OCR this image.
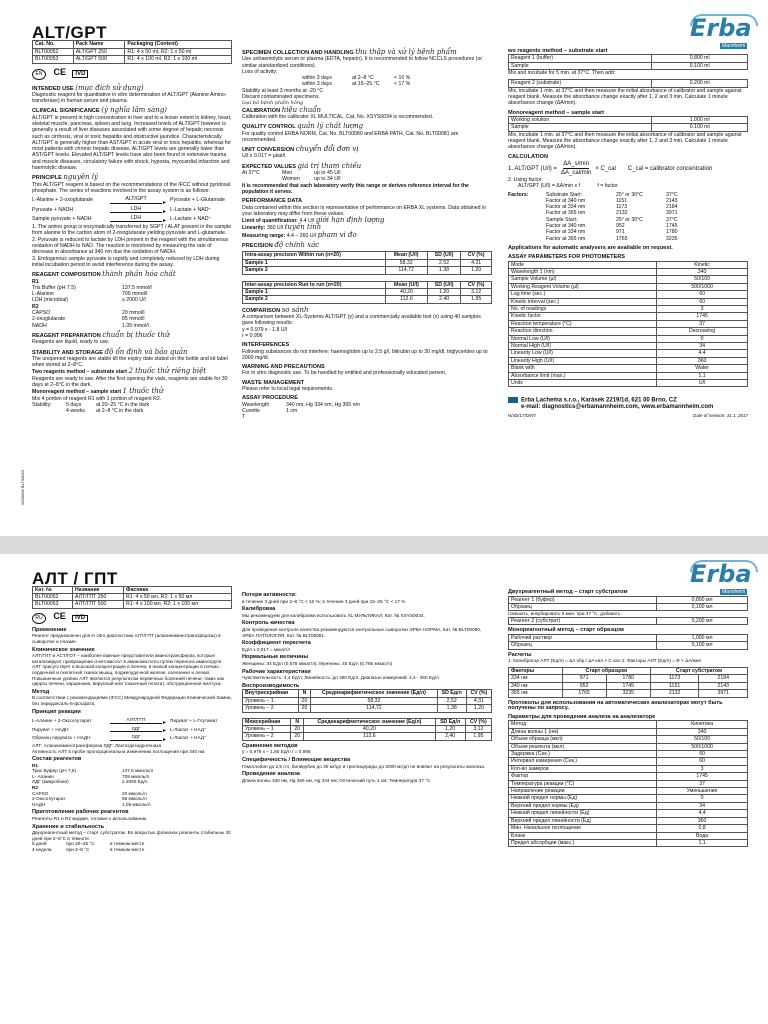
Erba
Mannheim
ALT/GPT
Cat. No.	Pack Name	Packaging (Content)
BLT00052	ALT/GPT 250	R1: 4 x 50 ml, R2: 1 x 50 ml
BLT00053	ALT/GPT 500	R1: 4 x 100 ml, R2: 1 x 100 ml
EN CE IVD
INTENDED USE (mục đích sử dụng)
Diagnostic reagent for quantitative in vitro determination of ALT/GPT (Alanine Amino-transferase) in human serum and plasma.
CLINICAL SIGNIFICANCE (ý nghĩa lâm sàng)
ALT/GPT is present in high concentration in liver and to a lesser extent in kidney, heart, skeletal muscle, pancreas, spleen and lung. Increased levels of ALT/GPT however is generally a result of liver diseases associated with some degree of hepatic necrosis such as cirrhosis, viral or toxic hepatitis and obstructive jaundice. Characteristically ALT/GPT is generally higher than AST/GPT in acute viral or toxic hepatitis, whereas for most patients with chronic hepatic disease, ALT/GPT levels are generally lower than AST/GPT levels. Elevated ALT/GPT levels have also been found in extensive trauma and muscle diseases, circulatory failure with shock, hypoxia, myocardial infarction and haemolytic disease.
PRINCIPLE nguyên lý
This ALT/GPT reagent is based on the recommendations of the IFCC without pyridoxal phosphate. The series of reactions involved in the assay system is as follows:
L-Alanine + 2-oxoglutarate	ALT/GPT
▸ Pyruvate + L-Glutamate
Pyruvate + NADH	LDH
▸ L-Lactate + NAD⁺
Sample pyruvate + NADH	LDH
▸ L-Lactate + NAD⁺
1. The amino group is enzymatically transferred by SGPT / ALAT present in the sample from alanine to the carbon atom of 2-oxoglutarate yielding pyruvate and L-glutamate.
2. Pyruvate is reduced to lactate by LDH present in the reagent with the simultaneous oxidation of NADH to NAD. The reaction is monitored by measuring the rate of decrease in absorbance at 340 nm due the oxidation of NADH.
3. Endogenous sample pyruvate is rapidly and completely reduced by LDH during initial incubation period to avoid interference during the assay.
REAGENT COMPOSITION thành phần hóa chất
R1
Tris Buffer (pH 7.5)	137.5 mmol/l
L-Alanine	709 mmol/l
LDH (microbial)	≥ 2000 U/l
R2
CAPSO	20 mmol/l
2-oxoglutarate	85 mmol/l
NADH	1.05 mmol/l
REAGENT PREPARATION chuẩn bị thuốc thử
Reagents are liquid, ready to use.
STABILITY AND STORAGE độ ổn định và bảo quản
The unopened reagents are stable till the expiry date stated on the bottle and kit label when stored at 2–8°C.
Two reagents method – substrate start 2 thuốc thử riêng biệt
Reagents are ready to use. After the first opening the vials, reagents are stable for 30 days at 2–8°C in the dark.
Monoreagent method – sample start 1 thuốc thử
Mix 4 portion of reagent R1 with 1 portion of reagent R2.
Stability:	5 days	at 20–25 °C in the dark
4 weeks	at 2–8 °C in the dark
0000000 BLT00053
SPECIMEN COLLECTION AND HANDLING thu thập và xử lý bệnh phẩm
Use unhaemolytic serum or plasma (EDTA, heparin). It is recommended to follow NCCLS procedures (or similar standardized conditions).
Loss of activity:
within 3 days	at 2–8 °C	< 10 %
within 3 days	at 15–25 °C	< 17 %
Stability at least 3 months at -20 °C
Discard contaminated specimens.
loại bỏ bệnh phẩm hỏng
CALIBRATION hiệu chuẩn
Calibration with the calibrator XL MULTICAL, Cat. No. XSYS0034 is recommended.
QUALITY CONTROL quản lý chất lượng
For quality control ERBA NORM, Cat. No. BLT00080 and ERBA PATH, Cat. No. BLT00081 are recommended.
UNIT CONVERSION chuyển đổi đơn vị
U/l x 0.017 = µkat/l
EXPECTED VALUES giá trị tham chiếu
At 37°C	Men	up to 45 U/l
Women	up to 34 U/l
It is recommended that each laboratory verify this range or derives reference interval for the population it serves.
PERFORMANCE DATA
Data contained within this section is representative of performance on ERBA XL systems. Data obtained in your laboratory may differ from these values.
Limit of quantification: 4.4 U/l giới hạn định lượng
Linearity: 360 U/l tuyến tính
Measuring range: 4.4 – 360 U/l phạm vi đo
PRECISION độ chính xác
Intra-assay precision Within run (n=20)	Mean (U/l)	SD (U/l)	CV (%)
Sample 1	58.32	2.52	4.31
Sample 2	114.72	1.38	1.20
Inter-assay precision Run to run (n=20)	Mean (U/l)	SD (U/l)	CV (%)
Sample 1	40.20	1.20	3.12
Sample 2	112.6	2.40	1.95
COMPARISON so sánh
A comparison between XL-Systems ALT/GPT (y) and a commercially available test (x) using 40 samples gave following results:
y = 0.979 x - 1.8 U/l
r = 0.996
INTERFERENCES
Following substances do not interfere: haemoglobin up to 2.5 g/l, bilirubin up to 30 mg/dl, triglycerides up to 2000 mg/dl.
WARNING AND PRECAUTIONS
For in vitro diagnostic use. To be handled by entitled and professionally educated person.
WASTE MANAGEMENT
Please refer to local legal requirements.
ASSAY PROCEDURE
Wavelength	340 nm, Hg 334 nm, Hg 365 nm
Cuvette	1 cm
T
wo reagents method – substrate start
Reagent 1 (buffer)	0.800 ml
Sample	0.100 ml
Mix and incubate for 5 min. at 37°C. Then add:
Reagent 2 (substrate)	0.200 ml
Mix, incubate 1 min. at 37°C and then measure the initial absorbance of calibrator and sample against reagent blank. Measure the absorbance change exactly after 1, 2 and 3 min. Calculate 1 minute absorbance change (ΔA/min).
Monoreagent method – sample start
Working solution	1.000 ml
Sample	0.100 ml
Mix, incubate 1 min. at 37°C and then measure the initial absorbance of calibrator and sample against reagent blank. Measure the absorbance change exactly after 1, 2 and 3 min. Calculate 1 minute absorbance change (ΔA/min).
CALCULATION
1. ALT/GPT (U/l) =
ΔA_s/min
ΔA_cal/min
× C_cal C_cal = calibrator concentration
2. Using factor:
ALT/GPT (U/l) = ΔA/min x f	f = factor
Factors:	Substrate Start:	25° or 30°C	37°C
Factor at 340 nm	1151	2143
Factor at 334 nm	1173	2184
Factor at 365 nm	2132	3971
Sample Start:	25° or 30°C	37°C
Factor at 340 nm	952	1745
Factor at 334 nm	971	1780
Factor at 365 nm	1765	3235
Applications for automatic analysers are available on request.
ASSAY PARAMETERS FOR PHOTOMETERS
Mode	Kinetic
Wavelength 1 (nm)	340
Sample Volume (µl)	50/100
Working Reagent Volume (µl)	500/1000
Lag time (sec.)	60
Kinetic interval (sec.)	60
No. of readings	3
Kinetic factor	1745
Reaction temperature (°C)	37
Reaction direction	Decreasing
Normal Low (U/l)	0
Normal High (U/l)	34
Linearity Low (U/l)	4.4
Linearity High (U/l)	360
Blank with	Water
Absorbance limit (max.)	1.1
Units	U/l
Erba Lachema s.r.o., Karásek 2219/1d, 621 00 Brno, CZ
e-mail: diagnostics@erbamannheim.com, www.erbamannheim.com
N/4D/17/D/NT	Date of revision: 31.1. 2017
Erba
Mannheim
АЛТ / ГПТ
Кат. №	Название	Фасовка
BLT00052	АЛТ/ГПТ 250	R1: 4 x 50 мл, R2: 1 x 50 мл
BLT00053	АЛТ/ГПТ 500	R1: 4 x 100 мл, R2: 1 x 100 мл
RU CE IVD
Применение
Реагент предназначен для in vitro диагностики АЛТ/ГПТ (аланинаминотрансферазы) в сыворотке и плазме.
Клиническое значение
АЛТ/ГПТ и АСТ/ГОТ – наиболее важные представители аминотрансфераз, которые катализируют превращение α-кетокислот в аминокислоты путем переноса аминогрупп. АЛТ присутствует в высокой концентрации в печени, в низкой концентрации в почках, сердечной и скелетной тканях мышц, поджелудочной железе, селезенке и легких. Повышенные уровни АЛТ являются результатом первичных болезней печени, таких как цирроз печени, карцинома, вирусный или токсичный гепатит, обструкционная желтуха.
Метод
В соответствии с рекомендациями (IFCC) Международной Федерации Клинической Химии, без пиридоксаль-5-фосфата.
Принцип реакции
L-Аланин + 2-Оксоглутарат	АЛТ/ГПТ	▸ Пируват + L-Глутамат
Пируват + НАДН	ЛДГ	▸ L-Лактат + НАД⁺
Образец пирувата + НАДН	ЛДГ	▸ L-Лактат + НАД⁺
АЛТ: Аланинаминотрансфераза ЛДГ: Лактатдегидрогеназа
Активность АЛТ в пробе пропорциональна изменению поглощения при 340 нм.
Состав реагентов
R1
Трис Буфер (pH 7,5)	137,5 ммоль/л
L- Аланин	709 ммоль/л
ЛДГ (микробная)	≥ 2000 Ед/л
R2
CAPSO	20 ммоль/л
2-Оксоглутарат	85 ммоль/л
НАДН	1,05 ммоль/л
Приготовление рабочих реагентов
Реагенты R1 и R2 жидкие, готовые к использованию.
Хранение и стабильность
Двухреагентный метод – старт субстратом. Во вскрытых флаконах реагенты стабильны 30 дней при 2–8°С в темноте.
5 дней	при 20–25 °С	в темном месте
4 недели	при 2–8 °С	в темном месте
Потеря активности:
в течение 3 дней при 2–8 °С < 10 %; в течение 3 дней при 15–25 °С < 17 %
Калибровка
Мы рекомендуем для калибровки использовать XL МУЛЬТИКАЛ, Кат. № XSYS0034.
Контроль качества
Для проведения контроля качества рекомендуются контрольные сыворотки ЭРБА НОРМА, Кат. № BLT00080, ЭРБА ПАТОЛОГИЯ, Кат. № BLT00081.
Коэффициент пересчета
Ед/л x 0,017 = мккат/л
Нормальные величины
Женщины: 34 Ед/л (0,578 мккат/л); Мужчины: 45 Ед/л (0,765 мккат/л)
Рабочие характеристики
Чувствительность: 4,4 Ед/л; Линейность: до 360 Ед/л; Диапазон измерений: 4,4 - 360 Ед/л
Воспроизводимость
Внутрисерийная	N	Среднеарифметическое значение (Ед/л)	SD Ед/л	CV (%)
Уровень – 1	20	58,32	2,52	4,31
Уровень – 2	20	114,72	1,38	1,20
Межсерийная	N	Среднеарифметическое значение (Ед/л)	SD Ед/л	CV (%)
Уровень – 1	20	40,20	1,20	3,12
Уровень – 2	20	112,6	2,40	1,95
Сравнение методов
y = 0,979 x – 1,80 Ед/л r = 0,996
Специфичность / Влияющие вещества
Гемоглобин до 2,5 г/л, билирубин до 30 мг/дл и триглицериды до 2000 мг/дл не влияют на результаты анализа.
Проведение анализа
Длина волны 340 нм, Hg 365 нм, Hg 334 нм; Оптический путь 1 см; Температура 37 °С
Двухреагентный метод – старт субстратом
Реагент 1 (буфер)	0,800 мл
Образец	0,100 мл
Смешать, инкубировать 5 мин. при 37 °С, добавить:
Реагент 2 (субстрат)	0,200 мл
Монореагентный метод – старт образцом
Рабочий раствор	1,000 мл
Образец	0,100 мл
Расчеты
1. Калибратор АЛТ (Ед/л) = ΔA обр / ΔA кал × C кал 2. Факторы АЛТ (Ед/л) = Ф × ΔA/мин
Факторы	Старт образцом		Старт субстратом	
334 нм	971	1780	1173	2184
340 нм	952	1745	1151	2143
365 нм	1765	3235	2132	3971
Протоколы для использования на автоматических анализаторах могут быть получены по запросу.
Параметры для проведения анализа на анализаторе
Метод	Кинетика
Длина волны 1 (нм)	340
Объем образца (мкл)	50/100
Объем реагента (мкл)	500/1000
Задержка (Сек.)	60
Интервал измерения (Сек.)	60
Кол-во замеров	3
Фактор	1745
Температура реакции (°С)	37
Направление реакции	Уменьшение
Нижний предел нормы (Ед)	0
Верхний предел нормы (Ед)	34
Нижний предел линейности (Ед)	4,4
Верхний предел линейности (Ед)	360
Мин. Начальное поглощение	0,8
Бланк	Вода
Предел абсорбции (макс.)	1,1
